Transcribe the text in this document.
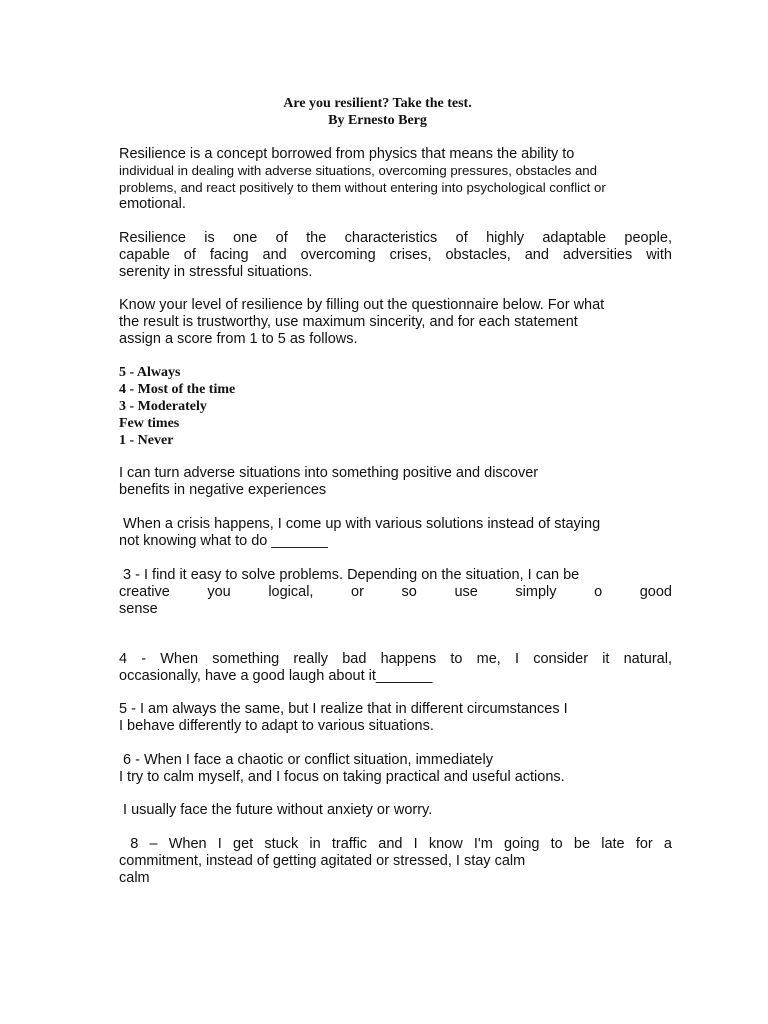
Are you resilient? Take the test.
By Ernesto Berg
Resilience is a concept borrowed from physics that means the ability to
individual in dealing with adverse situations, overcoming pressures, obstacles and
problems, and react positively to them without entering into psychological conflict or
emotional.
Resilience is one of the characteristics of highly adaptable people,
capable of facing and overcoming crises, obstacles, and adversities with
serenity in stressful situations.
Know your level of resilience by filling out the questionnaire below. For what
the result is trustworthy, use maximum sincerity, and for each statement
assign a score from 1 to 5 as follows.
5 - Always
4 - Most of the time
3 - Moderately
Few times
1 - Never
I can turn adverse situations into something positive and discover
benefits in negative experiences
When a crisis happens, I come up with various solutions instead of staying
not knowing what to do _______
3 - I find it easy to solve problems. Depending on the situation, I can be
creative you logical, or so use simply o good
sense
4 - When something really bad happens to me, I consider it natural,
occasionally, have a good laugh about it_______
5 - I am always the same, but I realize that in different circumstances I
I behave differently to adapt to various situations.
6 - When I face a chaotic or conflict situation, immediately
I try to calm myself, and I focus on taking practical and useful actions.
I usually face the future without anxiety or worry.
8 – When I get stuck in traffic and I know I'm going to be late for a
commitment, instead of getting agitated or stressed, I stay calm
calm
